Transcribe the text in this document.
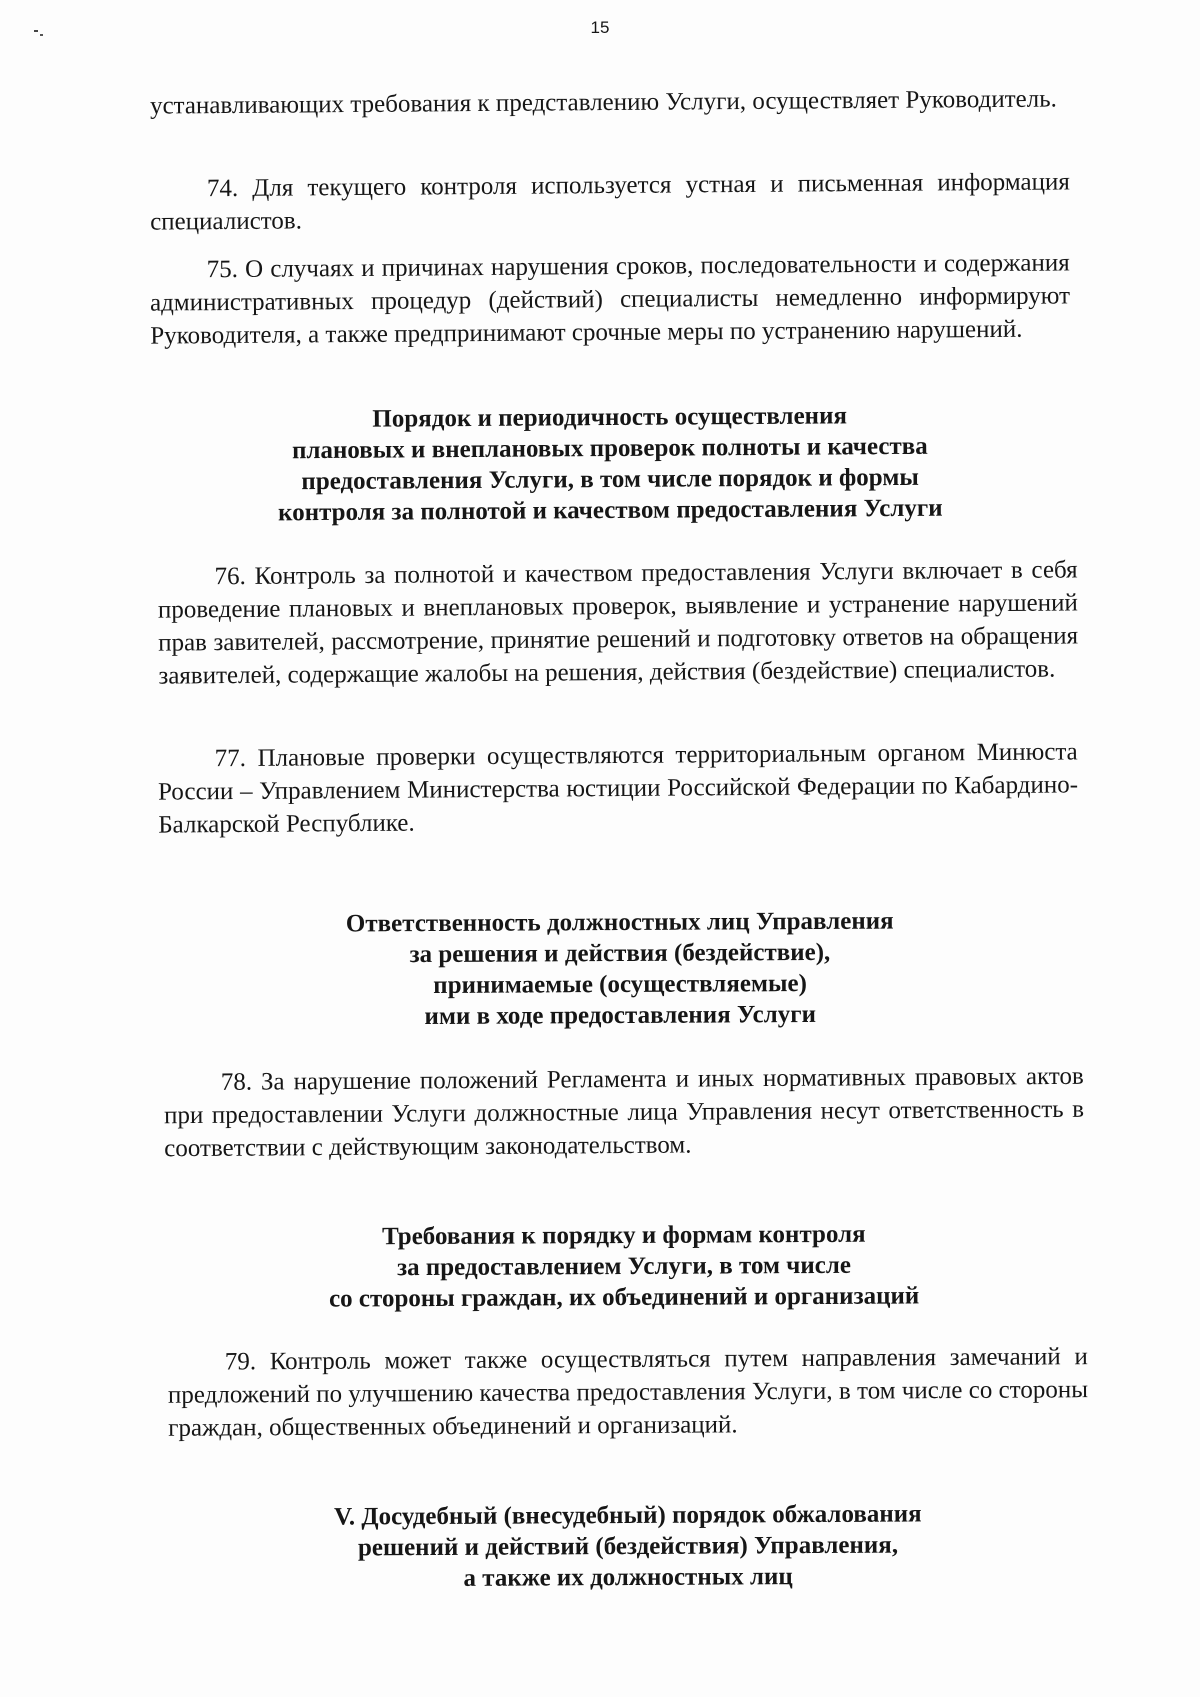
15

устанавливающих требования к представлению Услуги, осуществляет Руководитель.

74. Для текущего контроля используется устная и письменная информация специалистов.

75. О случаях и причинах нарушения сроков, последовательности и содержания административных процедур (действий) специалисты немедленно информируют Руководителя, а также предпринимают срочные меры по устранению нарушений.

Порядок и периодичность осуществления
плановых и внеплановых проверок полноты и качества
предоставления Услуги, в том числе порядок и формы
контроля за полнотой и качеством предоставления Услуги

76. Контроль за полнотой и качеством предоставления Услуги включает в себя проведение плановых и внеплановых проверок, выявление и устранение нарушений прав завителей, рассмотрение, принятие решений и подготовку ответов на обращения заявителей, содержащие жалобы на решения, действия (бездействие) специалистов.

77. Плановые проверки осуществляются территориальным органом Минюста России – Управлением Министерства юстиции Российской Федерации по Кабардино-Балкарской Республике.

Ответственность должностных лиц Управления
за решения и действия (бездействие),
принимаемые (осуществляемые)
ими в ходе предоставления Услуги

78. За нарушение положений Регламента и иных нормативных правовых актов при предоставлении Услуги должностные лица Управления несут ответственность в соответствии с действующим законодательством.

Требования к порядку и формам контроля
за предоставлением Услуги, в том числе
со стороны граждан, их объединений и организаций

79. Контроль может также осуществляться путем направления замечаний и предложений по улучшению качества предоставления Услуги, в том числе со стороны граждан, общественных объединений и организаций.

V. Досудебный (внесудебный) порядок обжалования
решений и действий (бездействия) Управления,
а также их должностных лиц
